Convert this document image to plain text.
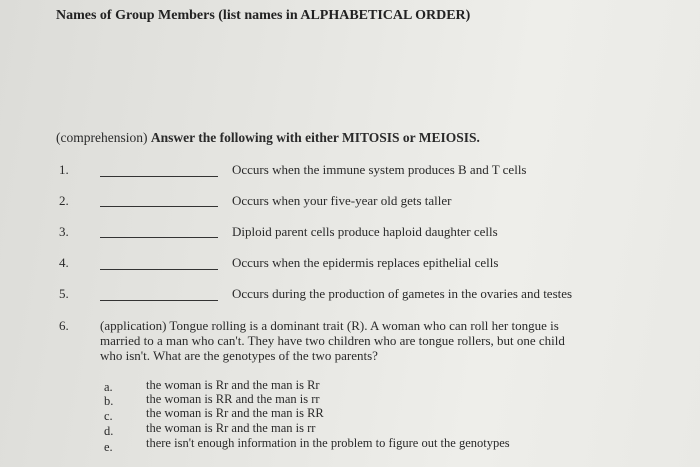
Names of Group Members (list names in ALPHABETICAL ORDER)
(comprehension) Answer the following with either MITOSIS or MEIOSIS.
1.	Occurs when the immune system produces B and T cells
2.	Occurs when your five-year old gets taller
3.	Diploid parent cells produce haploid daughter cells
4.	Occurs when the epidermis replaces epithelial cells
5.	Occurs during the production of gametes in the ovaries and testes
6. (application) Tongue rolling is a dominant trait (R). A woman who can roll her tongue is married to a man who can't. They have two children who are tongue rollers, but one child who isn't. What are the genotypes of the two parents?
a.	the woman is Rr and the man is Rr
b.	the woman is RR and the man is rr
c.	the woman is Rr and the man is RR
d.	the woman is Rr and the man is rr
e.	there isn't enough information in the problem to figure out the genotypes
